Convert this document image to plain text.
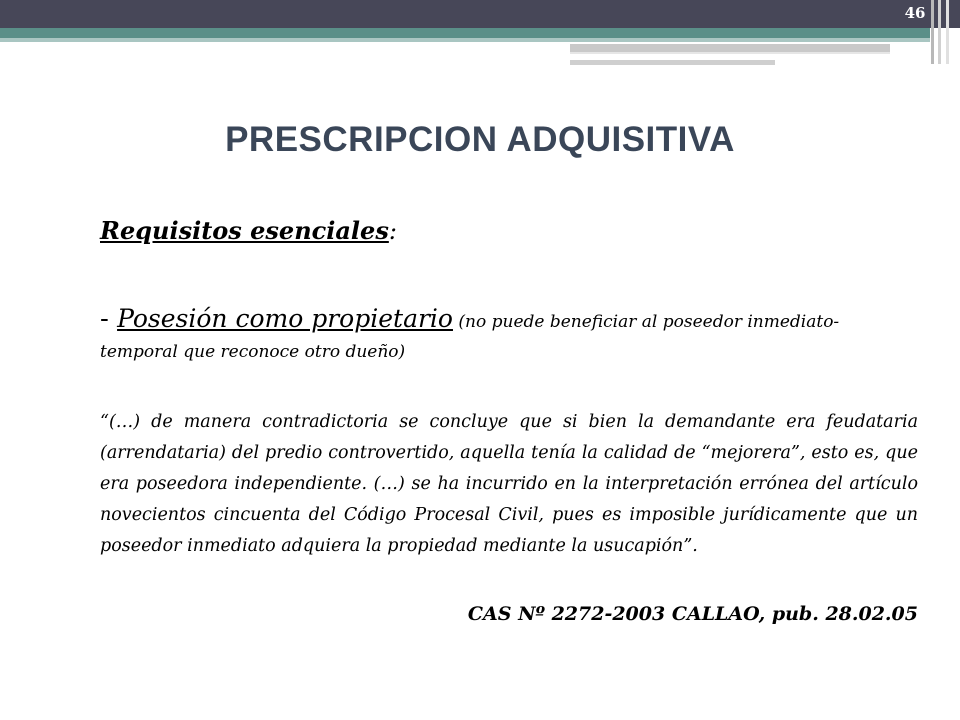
46
PRESCRIPCION ADQUISITIVA
Requisitos esenciales:
- Posesión como propietario (no puede beneficiar al poseedor inmediato-temporal que reconoce otro dueño)

“(…) de manera contradictoria se concluye que si bien la demandante era feudataria (arrendataria) del predio controvertido, aquella tenía la calidad de “mejorera”, esto es, que era poseedora independiente. (…) se ha incurrido en la interpretación errónea del artículo novecientos cincuenta del Código Procesal Civil, pues es imposible jurídicamente que un poseedor inmediato adquiera la propiedad mediante la usucapión”.

CAS Nº 2272-2003 CALLAO, pub. 28.02.05
